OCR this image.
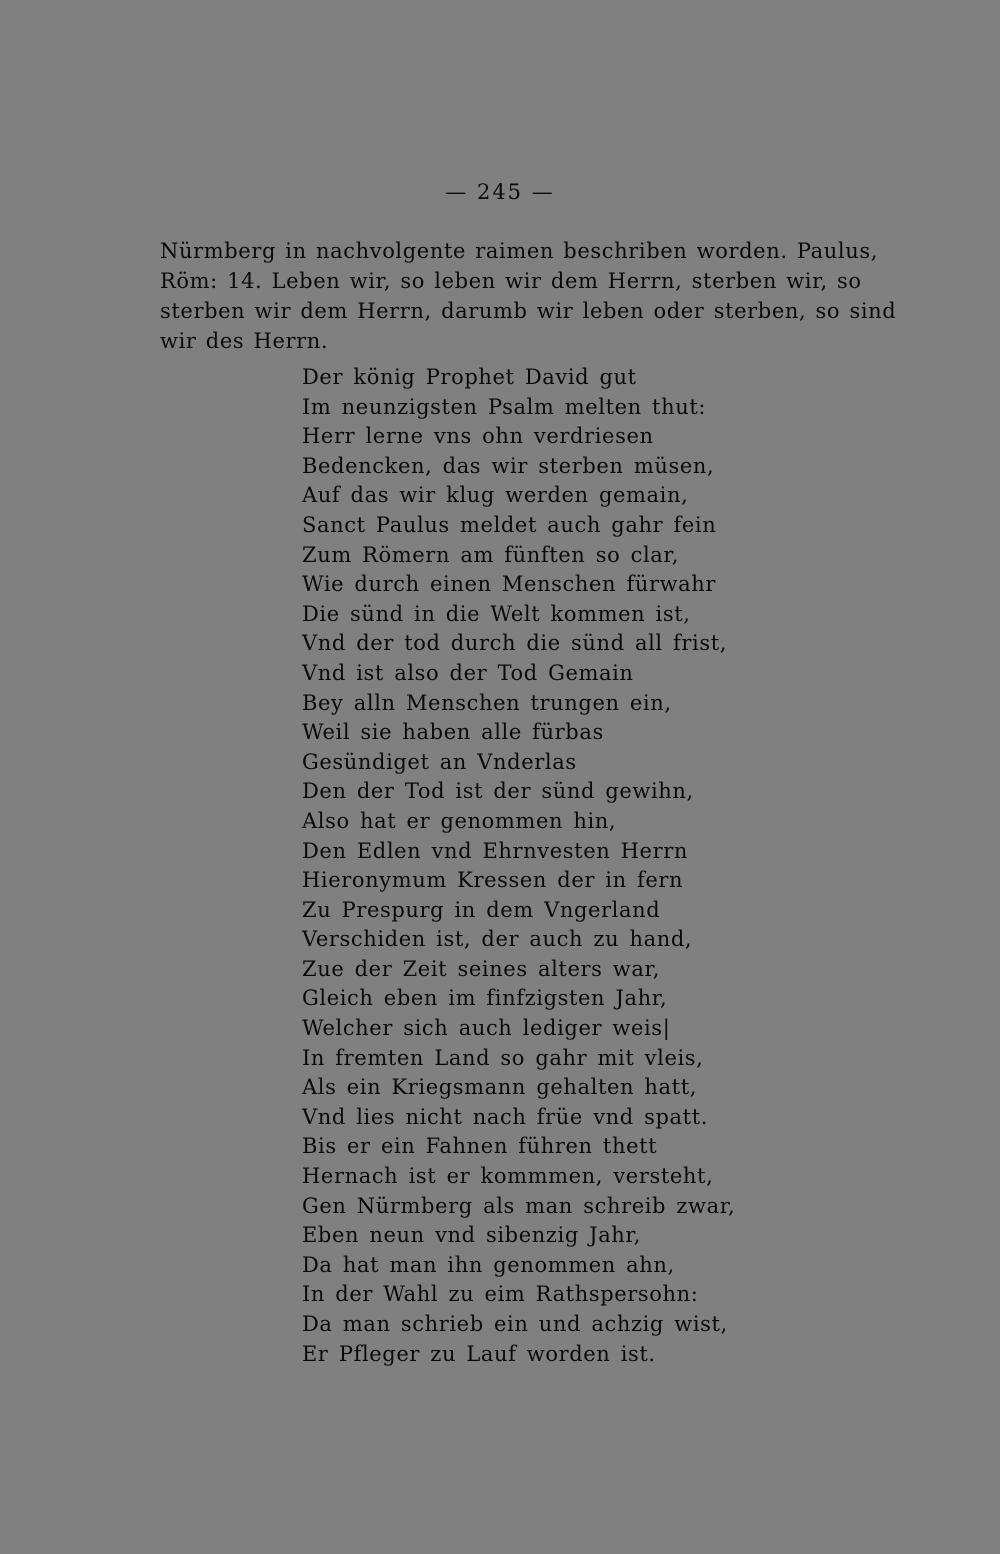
— 245 —
Nürmberg in nachvolgente raimen beschriben worden. Paulus,
Röm: 14. Leben wir, so leben wir dem Herrn, sterben wir, so
sterben wir dem Herrn, darumb wir leben oder sterben, so sind
wir des Herrn.
Der könig Prophet David gut
Im neunzigsten Psalm melten thut:
Herr lerne vns ohn verdriesen
Bedencken, das wir sterben müsen,
Auf das wir klug werden gemain,
Sanct Paulus meldet auch gahr fein
Zum Römern am fünften so clar,
Wie durch einen Menschen fürwahr
Die sünd in die Welt kommen ist,
Vnd der tod durch die sünd all frist,
Vnd ist also der Tod Gemain
Bey alln Menschen trungen ein,
Weil sie haben alle fürbas
Gesündiget an Vnderlas
Den der Tod ist der sünd gewihn,
Also hat er genommen hin,
Den Edlen vnd Ehrnvesten Herrn
Hieronymum Kressen der in fern
Zu Prespurg in dem Vngerland
Verschiden ist, der auch zu hand,
Zue der Zeit seines alters war,
Gleich eben im finfzigsten Jahr,
Welcher sich auch lediger weis|
In fremten Land so gahr mit vleis,
Als ein Kriegsmann gehalten hatt,
Vnd lies nicht nach früe vnd spatt.
Bis er ein Fahnen führen thett
Hernach ist er kommmen, versteht,
Gen Nürmberg als man schreib zwar,
Eben neun vnd sibenzig Jahr,
Da hat man ihn genommen ahn,
In der Wahl zu eim Rathspersohn:
Da man schrieb ein und achzig wist,
Er Pfleger zu Lauf worden ist.
